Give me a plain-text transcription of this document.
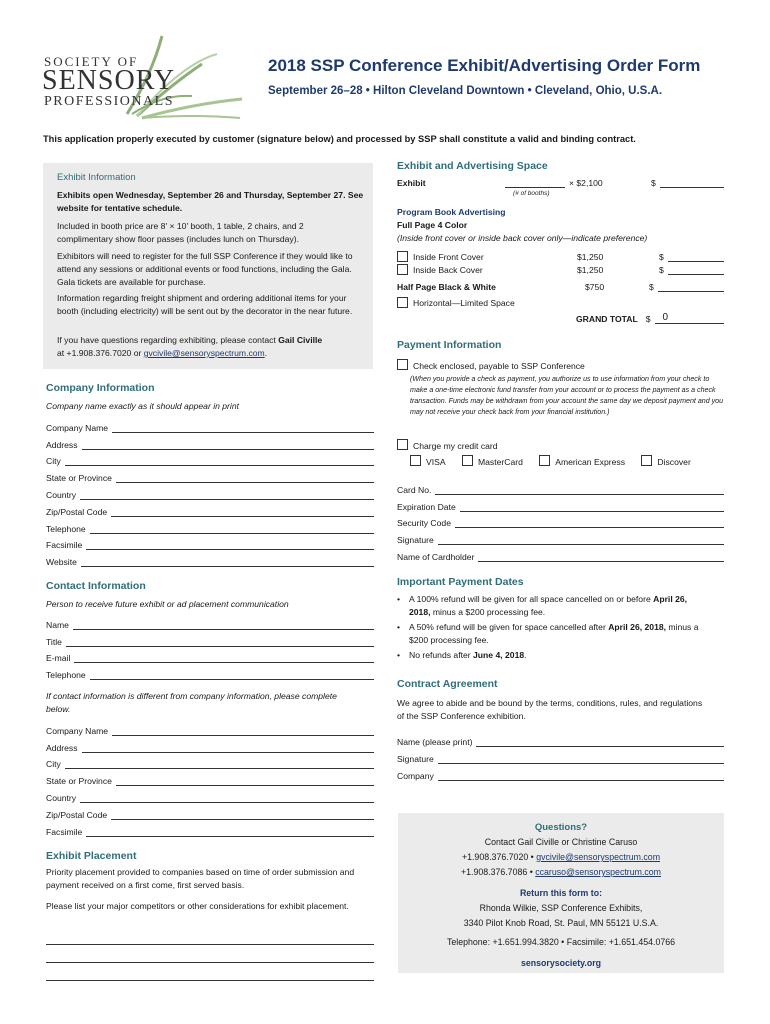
SOCIETY OF
SENSORY
PROFESSIONALS
2018 SSP Conference Exhibit/Advertising Order Form
September 26–28 • Hilton Cleveland Downtown • Cleveland, Ohio, U.S.A.
This application properly executed by customer (signature below) and processed by SSP shall constitute a valid and binding contract.
Exhibit Information
Exhibits open Wednesday, September 26 and Thursday, September 27. See website for tentative schedule.
Included in booth price are 8' × 10' booth, 1 table, 2 chairs, and 2 complimentary show floor passes (includes lunch on Thursday).
Exhibitors will need to register for the full SSP Conference if they would like to attend any sessions or additional events or food functions, including the Gala. Gala tickets are available for purchase.
Information regarding freight shipment and ordering additional items for your booth (including electricity) will be sent out by the decorator in the near future.
If you have questions regarding exhibiting, please contact Gail Civille
at +1.908.376.7020 or gvcivile@sensoryspectrum.com.
Company Information
Company name exactly as it should appear in print
Company Name
Address
City
State or Province
Country
Zip/Postal Code
Telephone
Facsimile
Website
Contact Information
Person to receive future exhibit or ad placement communication
Name
Title
E-mail
Telephone
If contact information is different from company information, please complete below.
Company Name
Address
City
State or Province
Country
Zip/Postal Code
Facsimile
Exhibit Placement
Priority placement provided to companies based on time of order submission and payment received on a first come, first served basis.
Please list your major competitors or other considerations for exhibit placement.
Exhibit and Advertising Space
Exhibit	× $2,100	$
(# of booths)
Program Book Advertising
Full Page 4 Color
(Inside front cover or inside back cover only—indicate preference)
Inside Front Cover	$1,250	$
Inside Back Cover	$1,250	$
Half Page Black & White	$750	$
Horizontal—Limited Space
GRAND TOTAL $	0
Payment Information
Check enclosed, payable to SSP Conference
(When you provide a check as payment, you authorize us to use information from your check to make a one-time electronic fund transfer from your account or to process the payment as a check transaction. Funds may be withdrawn from your account the same day we deposit payment and you may not receive your check back from your financial institution.)
Charge my credit card
VISA	MasterCard	American Express	Discover
Card No.
Expiration Date
Security Code
Signature
Name of Cardholder
Important Payment Dates
•	A 100% refund will be given for all space cancelled on or before April 26, 2018, minus a $200 processing fee.
•	A 50% refund will be given for space cancelled after April 26, 2018, minus a $200 processing fee.
•	No refunds after June 4, 2018.
Contract Agreement
We agree to abide and be bound by the terms, conditions, rules, and regulations of the SSP Conference exhibition.
Name (please print)
Signature
Company
Questions?
Contact Gail Civille or Christine Caruso
+1.908.376.7020 • gvcivile@sensoryspectrum.com
+1.908.376.7086 • ccaruso@sensoryspectrum.com
Return this form to:
Rhonda Wilkie, SSP Conference Exhibits,
3340 Pilot Knob Road, St. Paul, MN 55121 U.S.A.
Telephone: +1.651.994.3820 • Facsimile: +1.651.454.0766
sensorysociety.org
